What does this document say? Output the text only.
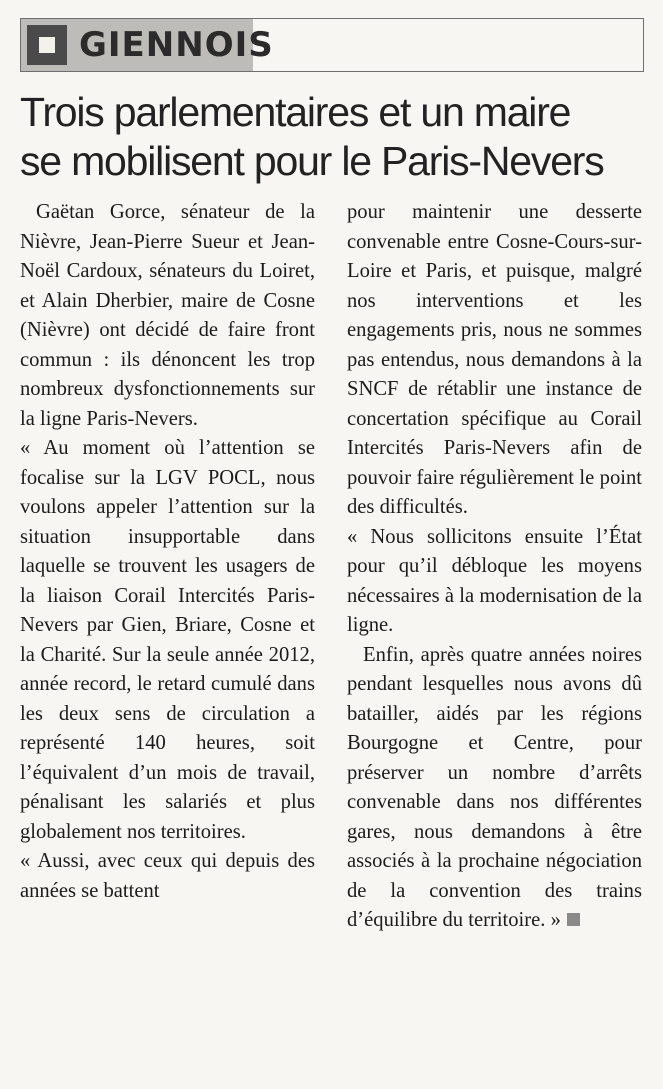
GIENNOIS
Trois parlementaires et un maire
se mobilisent pour le Paris-Nevers

Gaëtan Gorce, sénateur de la Nièvre, Jean-Pierre Sueur et Jean-Noël Cardoux, sénateurs du Loiret, et Alain Dherbier, maire de Cosne (Nièvre) ont décidé de faire front commun : ils dénoncent les trop nombreux dysfonctionnements sur la ligne Paris-Nevers.

« Au moment où l’attention se focalise sur la LGV POCL, nous voulons appeler l’attention sur la situation insupportable dans laquelle se trouvent les usagers de la liaison Corail Intercités Paris-Nevers par Gien, Briare, Cosne et la Charité. Sur la seule année 2012, année record, le retard cumulé dans les deux sens de circulation a représenté 140 heures, soit l’équivalent d’un mois de travail, pénalisant les salariés et plus globalement nos territoires.

« Aussi, avec ceux qui depuis des années se battent

pour maintenir une desserte convenable entre Cosne-Cours-sur-Loire et Paris, et puisque, malgré nos interventions et les engagements pris, nous ne sommes pas entendus, nous demandons à la SNCF de rétablir une instance de concertation spécifique au Corail Intercités Paris-Nevers afin de pouvoir faire régulièrement le point des difficultés.

« Nous sollicitons ensuite l’État pour qu’il débloque les moyens nécessaires à la modernisation de la ligne.

Enfin, après quatre années noires pendant lesquelles nous avons dû batailler, aidés par les régions Bourgogne et Centre, pour préserver un nombre d’arrêts convenable dans nos différentes gares, nous demandons à être associés à la prochaine négociation de la convention des trains d’équilibre du territoire. »
